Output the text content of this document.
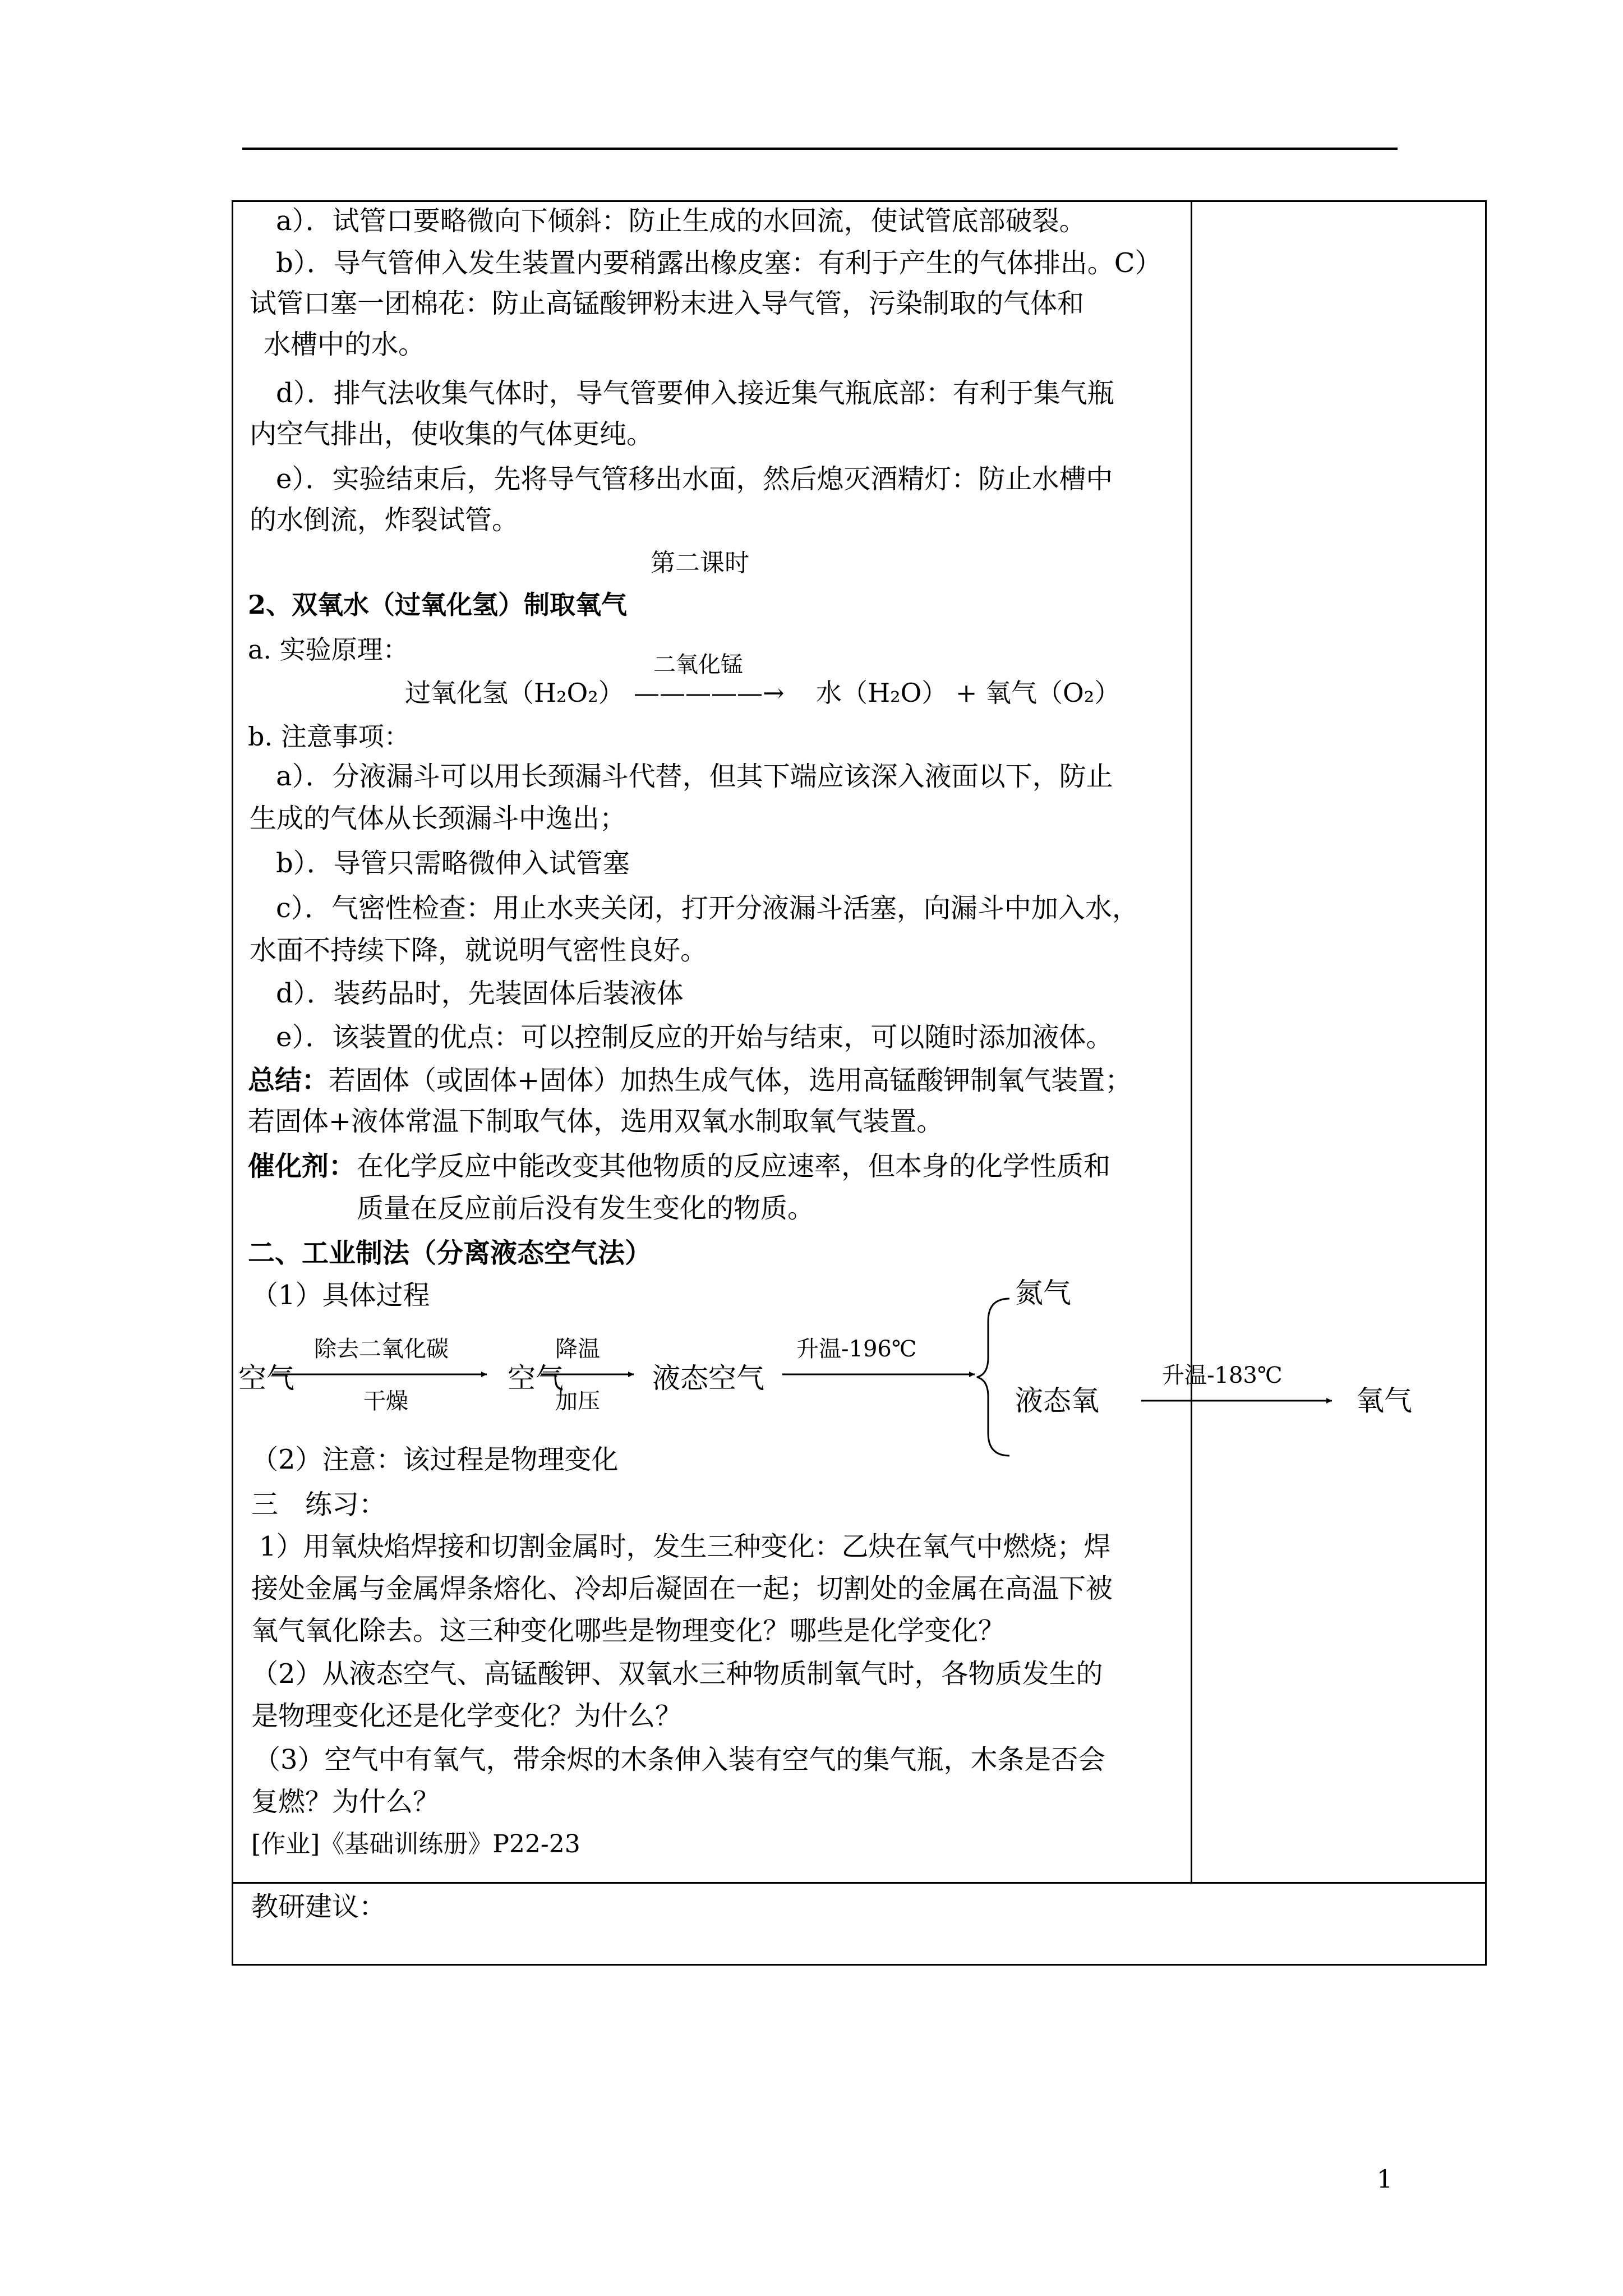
a）．试管口要略微向下倾斜：防止生成的水回流，使试管底部破裂。
b）．导气管伸入发生装置内要稍露出橡皮塞：有利于产生的气体排出。C）
试管口塞一团棉花：防止高锰酸钾粉末进入导气管，污染制取的气体和
水槽中的水。
d）．排气法收集气体时，导气管要伸入接近集气瓶底部：有利于集气瓶
内空气排出，使收集的气体更纯。
e）．实验结束后，先将导气管移出水面，然后熄灭酒精灯：防止水槽中
的水倒流，炸裂试管。
第二课时
2、双氧水（过氧化氢）制取氧气
a. 实验原理：	二氧化锰
过氧化氢（H₂O₂） —————→ 水（H₂O） + 氧气（O₂）
b. 注意事项：
a）．分液漏斗可以用长颈漏斗代替，但其下端应该深入液面以下，防止
生成的气体从长颈漏斗中逸出；
b）．导管只需略微伸入试管塞
c）．气密性检查：用止水夹关闭，打开分液漏斗活塞，向漏斗中加入水，
水面不持续下降，就说明气密性良好。
d）．装药品时，先装固体后装液体
e）．该装置的优点：可以控制反应的开始与结束，可以随时添加液体。
总结： 若固体（或固体+固体）加热生成气体，选用高锰酸钾制氧气装置；
若固体+液体常温下制取气体，选用双氧水制取氧气装置。
催化剂： 在化学反应中能改变其他物质的反应速率，但本身的化学性质和
质量在反应前后没有发生变化的物质。
二、工业制法（分离液态空气法）
（1）具体过程
空气
除去二氧化碳
干燥
空气
降温
加压
液态空气
升温-196℃
氮气
液态氧
升温-183℃
氧气
（2）注意：该过程是物理变化
三　练习：
1）用氧炔焰焊接和切割金属时，发生三种变化：乙炔在氧气中燃烧；焊
接处金属与金属焊条熔化、冷却后凝固在一起；切割处的金属在高温下被
氧气氧化除去。这三种变化哪些是物理变化？哪些是化学变化？
（2）从液态空气、高锰酸钾、双氧水三种物质制氧气时，各物质发生的
是物理变化还是化学变化？为什么？
（3）空气中有氧气，带余烬的木条伸入装有空气的集气瓶，木条是否会
复燃？为什么？
[作业]《基础训练册》P22-23
教研建议：
1
